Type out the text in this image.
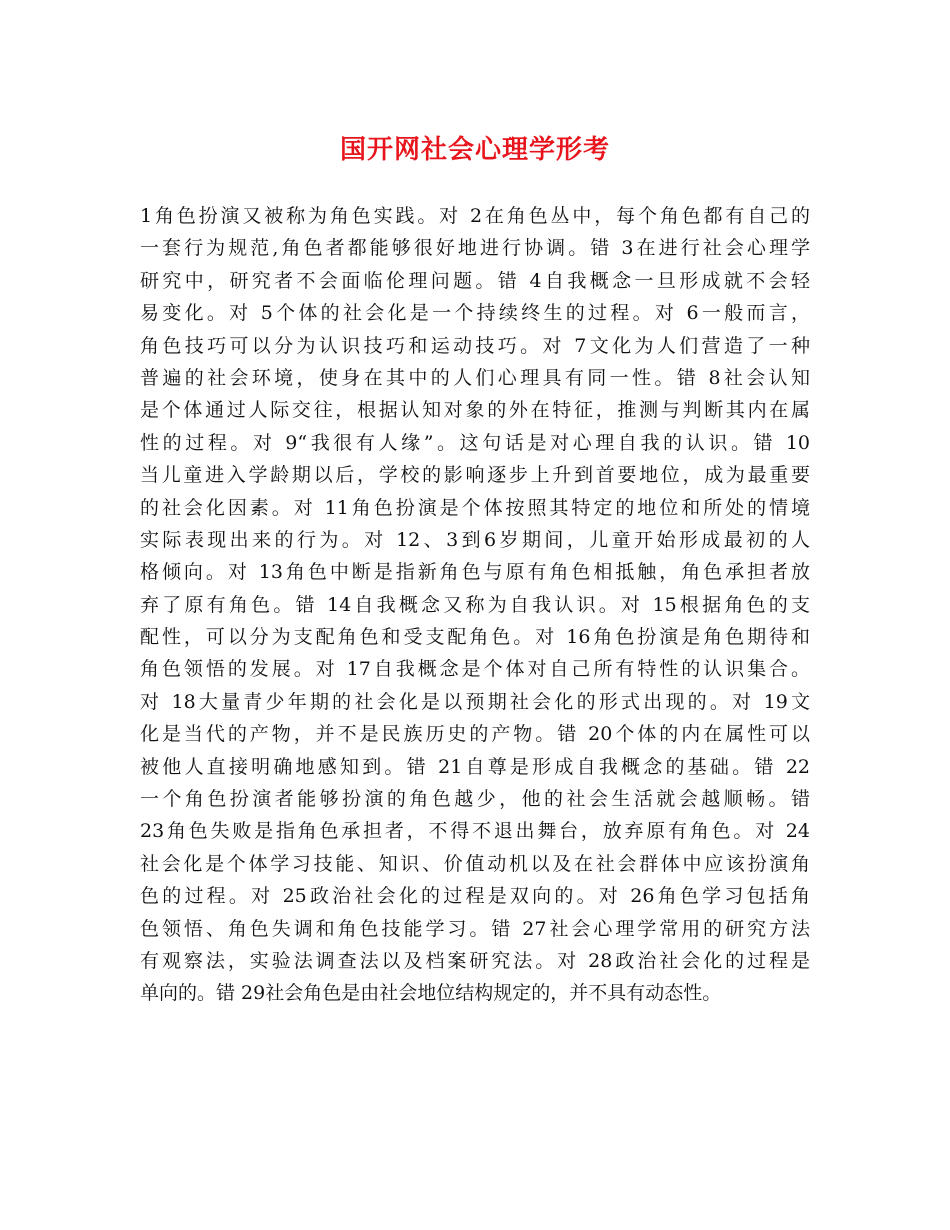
国开网社会心理学形考
1角色扮演又被称为角色实践。对 2在角色丛中，每个角色都有自己的
一套行为规范,角色者都能够很好地进行协调。错 3在进行社会心理学
研究中，研究者不会面临伦理问题。错 4自我概念一旦形成就不会轻
易变化。对 5个体的社会化是一个持续终生的过程。对 6一般而言，
角色技巧可以分为认识技巧和运动技巧。对 7文化为人们营造了一种
普遍的社会环境，使身在其中的人们心理具有同一性。错 8社会认知
是个体通过人际交往，根据认知对象的外在特征，推测与判断其内在属
性的过程。对 9“我很有人缘”。这句话是对心理自我的认识。错 10
当儿童进入学龄期以后，学校的影响逐步上升到首要地位，成为最重要
的社会化因素。对 11角色扮演是个体按照其特定的地位和所处的情境
实际表现出来的行为。对 12、3到6岁期间，儿童开始形成最初的人
格倾向。对 13角色中断是指新角色与原有角色相抵触，角色承担者放
弃了原有角色。错 14自我概念又称为自我认识。对 15根据角色的支
配性，可以分为支配角色和受支配角色。对 16角色扮演是角色期待和
角色领悟的发展。对 17自我概念是个体对自己所有特性的认识集合。
对 18大量青少年期的社会化是以预期社会化的形式出现的。对 19文
化是当代的产物，并不是民族历史的产物。错 20个体的内在属性可以
被他人直接明确地感知到。错 21自尊是形成自我概念的基础。错 22
一个角色扮演者能够扮演的角色越少，他的社会生活就会越顺畅。错
23角色失败是指角色承担者，不得不退出舞台，放弃原有角色。对 24
社会化是个体学习技能、知识、价值动机以及在社会群体中应该扮演角
色的过程。对 25政治社会化的过程是双向的。对 26角色学习包括角
色领悟、角色失调和角色技能学习。错 27社会心理学常用的研究方法
有观察法，实验法调查法以及档案研究法。对 28政治社会化的过程是
单向的。错 29社会角色是由社会地位结构规定的，并不具有动态性。
